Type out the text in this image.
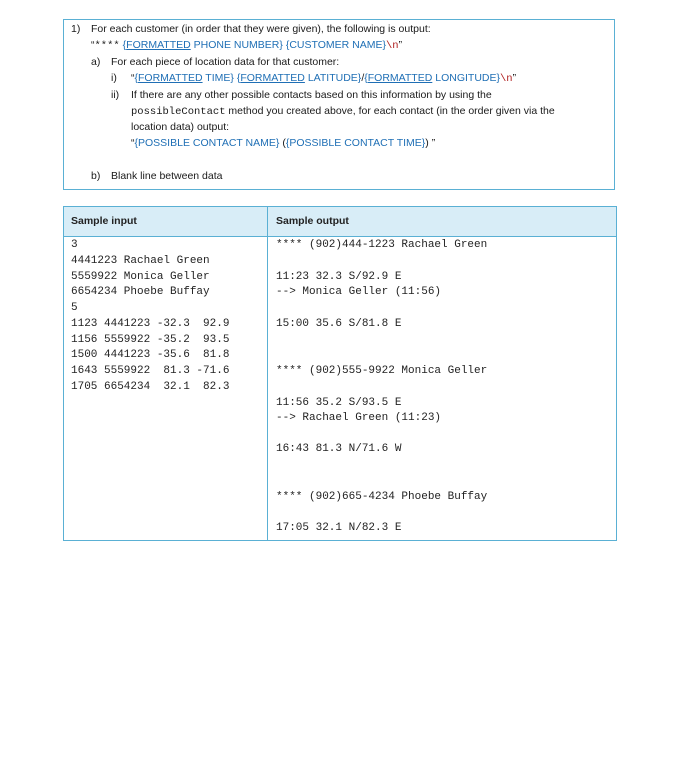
1) For each customer (in order that they were given), the following is output:
“**** {FORMATTED PHONE NUMBER} {CUSTOMER NAME}\n”
a) For each piece of location data for that customer:
i) “{FORMATTED TIME} {FORMATTED LATITUDE}/{FORMATTED LONGITUDE}\n”
ii) If there are any other possible contacts based on this information by using the
possibleContact method you created above, for each contact (in the order given via the
location data) output:
“{POSSIBLE CONTACT NAME} ({POSSIBLE CONTACT TIME}) ”
b) Blank line between data
Sample input	Sample output
3
4441223 Rachael Green
5559922 Monica Geller
6654234 Phoebe Buffay
5
1123 4441223 -32.3  92.9
1156 5559922 -35.2  93.5
1500 4441223 -35.6  81.8
1643 5559922  81.3 -71.6
1705 6654234  32.1  82.3
**** (902)444-1223 Rachael Green
11:23 32.3 S/92.9 E
--> Monica Geller (11:56)
15:00 35.6 S/81.8 E
**** (902)555-9922 Monica Geller
11:56 35.2 S/93.5 E
--> Rachael Green (11:23)
16:43 81.3 N/71.6 W
**** (902)665-4234 Phoebe Buffay
17:05 32.1 N/82.3 E
